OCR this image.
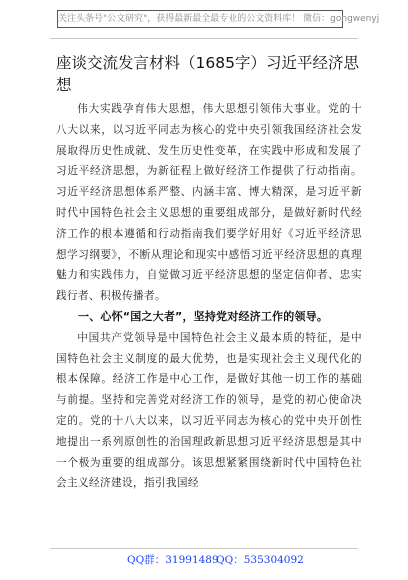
关注头条号"公文研究"，获得最新最全最专业的公文资料库！ 微信：gongwenyj
座谈交流发言材料（1685字）习近平经济思想

伟大实践孕育伟大思想，伟大思想引领伟大事业。党的十八大以来，以习近平同志为核心的党中央引领我国经济社会发展取得历史性成就、发生历史性变革，在实践中形成和发展了习近平经济思想，为新征程上做好经济工作提供了行动指南。习近平经济思想体系严整、内涵丰富、博大精深，是习近平新时代中国特色社会主义思想的重要组成部分，是做好新时代经济工作的根本遵循和行动指南我们要学好用好《习近平经济思想学习纲要》，不断从理论和现实中感悟习近平经济思想的真理魅力和实践伟力，自觉做习近平经济思想的坚定信仰者、忠实践行者、积极传播者。

一、心怀“国之大者”，坚持党对经济工作的领导。

中国共产党领导是中国特色社会主义最本质的特征，是中国特色社会主义制度的最大优势，也是实现社会主义现代化的根本保障。经济工作是中心工作，是做好其他一切工作的基础与前提。坚持和完善党对经济工作的领导，是党的初心使命决定的。党的十八大以来，以习近平同志为核心的党中央开创性地提出一系列原创性的治国理政新思想习近平经济思想是其中一个极为重要的组成部分。该思想紧紧围绕新时代中国特色社会主义经济建设，指引我国经

QQ群：31991489
QQ：535304092
